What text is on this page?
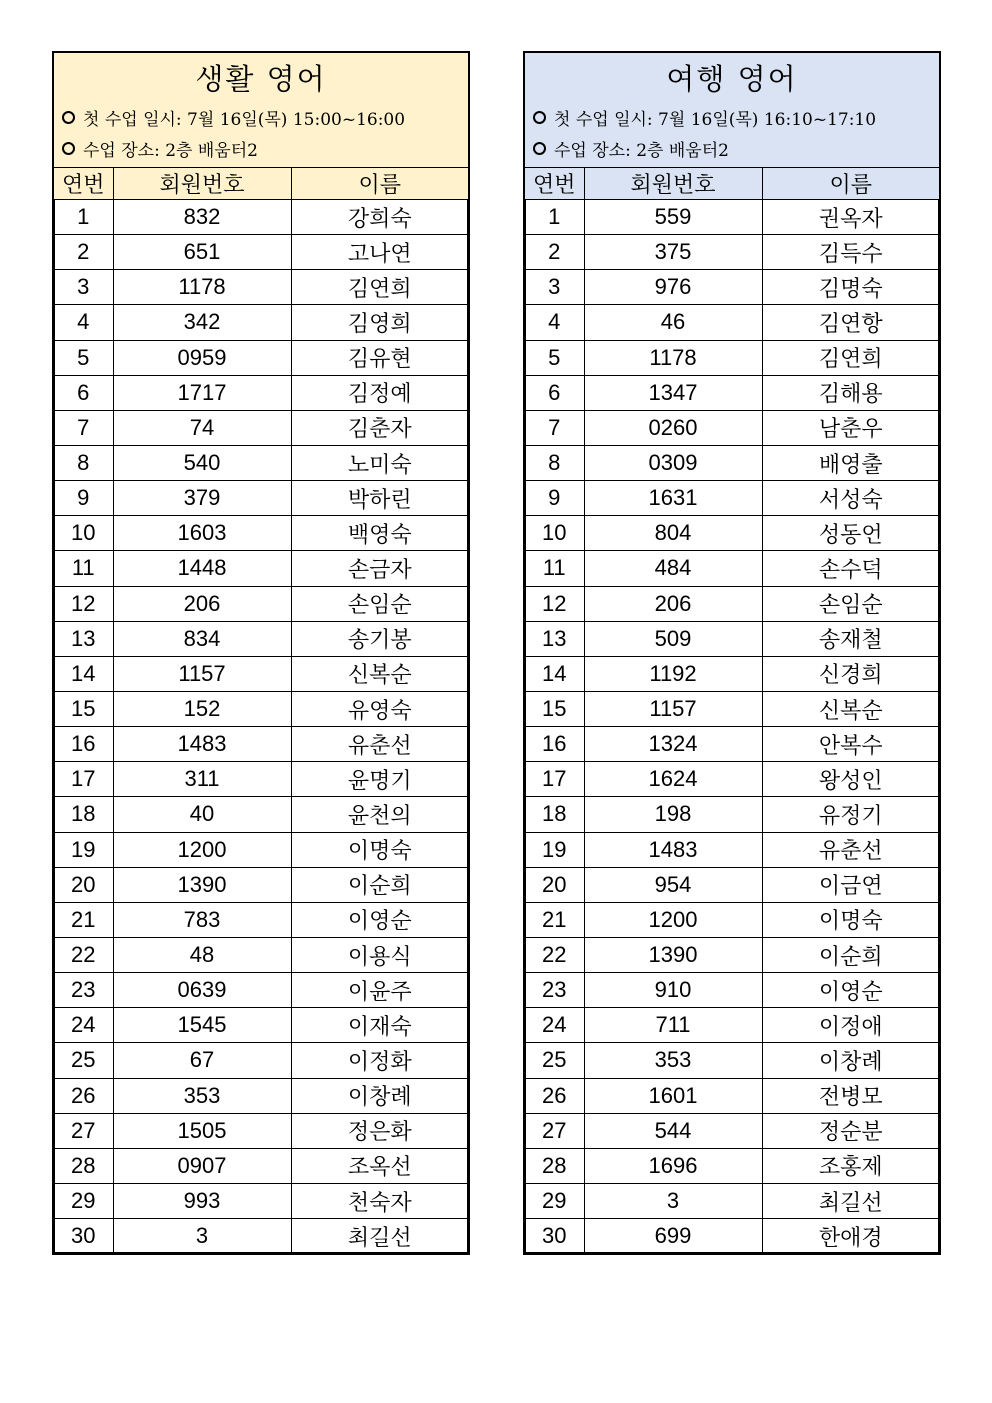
생활 영어
첫 수업 일시: 7월 16일(목) 15:00~16:00
수업 장소: 2층 배움터2
연번	회원번호	이름
1	832	강희숙
2	651	고나연
3	1178	김연희
4	342	김영희
5	0959	김유현
6	1717	김정예
7	74	김춘자
8	540	노미숙
9	379	박하린
10	1603	백영숙
11	1448	손금자
12	206	손임순
13	834	송기봉
14	1157	신복순
15	152	유영숙
16	1483	유춘선
17	311	윤명기
18	40	윤천의
19	1200	이명숙
20	1390	이순희
21	783	이영순
22	48	이용식
23	0639	이윤주
24	1545	이재숙
25	67	이정화
26	353	이창례
27	1505	정은화
28	0907	조옥선
29	993	천숙자
30	3	최길선
여행 영어
첫 수업 일시: 7월 16일(목) 16:10~17:10
수업 장소: 2층 배움터2
연번	회원번호	이름
1	559	권옥자
2	375	김득수
3	976	김명숙
4	46	김연항
5	1178	김연희
6	1347	김해용
7	0260	남춘우
8	0309	배영출
9	1631	서성숙
10	804	성동언
11	484	손수덕
12	206	손임순
13	509	송재철
14	1192	신경희
15	1157	신복순
16	1324	안복수
17	1624	왕성인
18	198	유정기
19	1483	유춘선
20	954	이금연
21	1200	이명숙
22	1390	이순희
23	910	이영순
24	711	이정애
25	353	이창례
26	1601	전병모
27	544	정순분
28	1696	조홍제
29	3	최길선
30	699	한애경
